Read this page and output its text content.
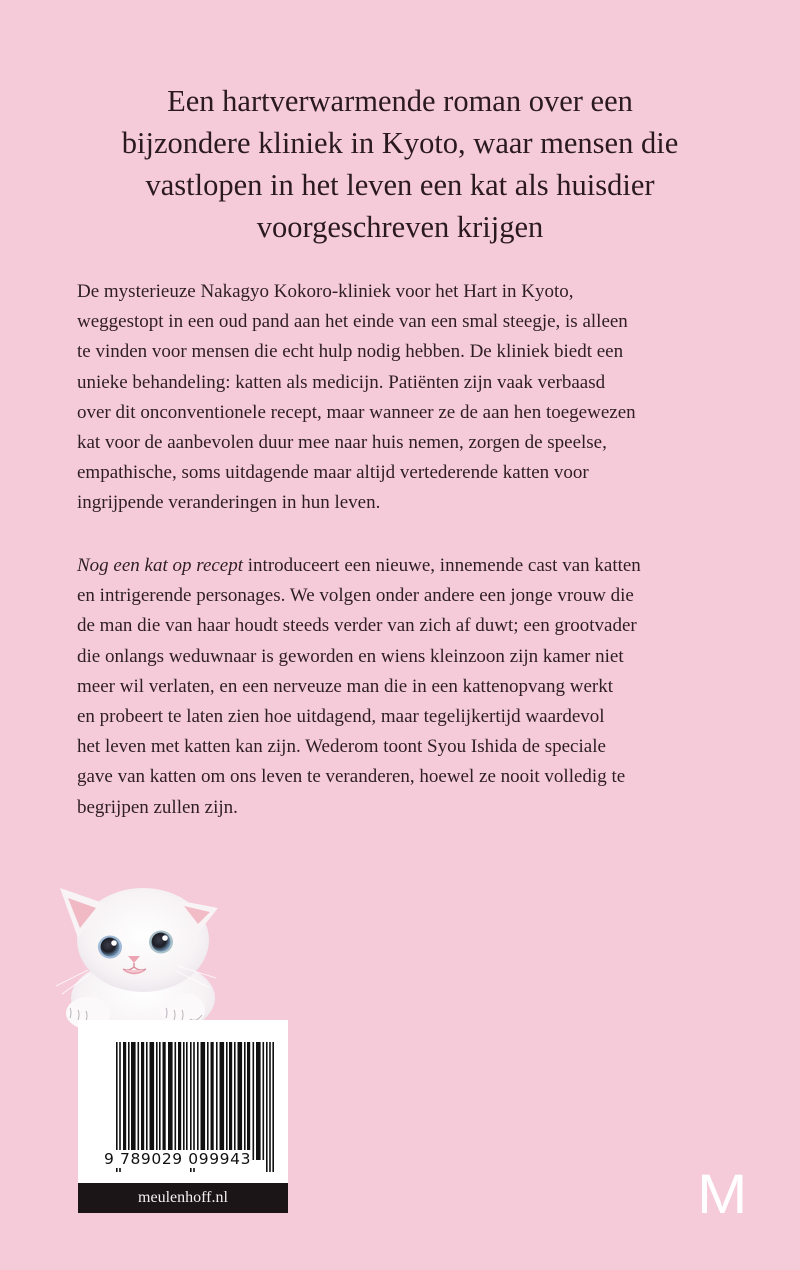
Een hartverwarmende roman over een
bijzondere kliniek in Kyoto, waar mensen die
vastlopen in het leven een kat als huisdier
voorgeschreven krijgen
De mysterieuze Nakagyo Kokoro-kliniek voor het Hart in Kyoto,
weggestopt in een oud pand aan het einde van een smal steegje, is alleen
te vinden voor mensen die echt hulp nodig hebben. De kliniek biedt een
unieke behandeling: katten als medicijn. Patiënten zijn vaak verbaasd
over dit onconventionele recept, maar wanneer ze de aan hen toegewezen
kat voor de aanbevolen duur mee naar huis nemen, zorgen de speelse,
empathische, soms uitdagende maar altijd vertederende katten voor
ingrijpende veranderingen in hun leven.
Nog een kat op recept introduceert een nieuwe, innemende cast van katten
en intrigerende personages. We volgen onder andere een jonge vrouw die
de man die van haar houdt steeds verder van zich af duwt; een grootvader
die onlangs weduwnaar is geworden en wiens kleinzoon zijn kamer niet
meer wil verlaten, en een nerveuze man die in een kattenopvang werkt
en probeert te laten zien hoe uitdagend, maar tegelijkertijd waardevol
het leven met katten kan zijn. Wederom toont Syou Ishida de speciale
gave van katten om ons leven te veranderen, hoewel ze nooit volledig te
begrijpen zullen zijn.
9 789029 099943
meulenhoff.nl	M
